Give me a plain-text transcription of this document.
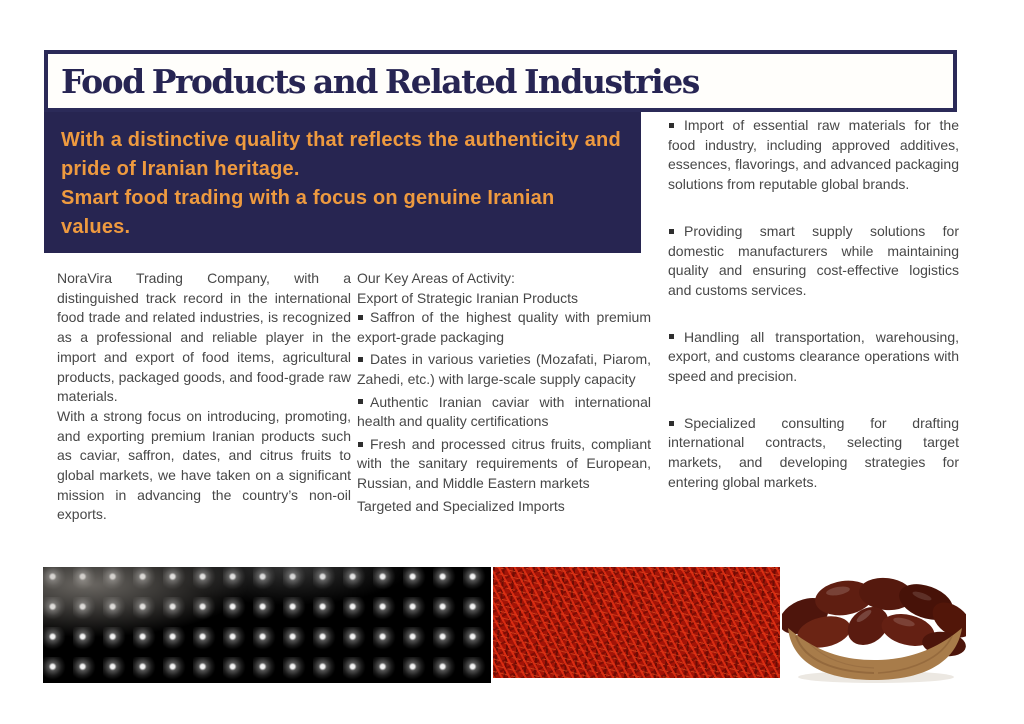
Food Products and Related Industries

With a distinctive quality that reflects the authenticity and pride of Iranian heritage.

Smart food trading with a focus on genuine Iranian values.

NoraVira Trading Company, with a distinguished track record in the international food trade and related industries, is recognized as a professional and reliable player in the import and export of food items, agricultural products, packaged goods, and food-grade raw materials.

With a strong focus on introducing, promoting, and exporting premium Iranian products such as caviar, saffron, dates, and citrus fruits to global markets, we have taken on a significant mission in advancing the country’s non-oil exports.

Our Key Areas of Activity:

Export of Strategic Iranian Products

Saffron of the highest quality with premium export-grade packaging

Dates in various varieties (Mozafati, Piarom, Zahedi, etc.) with large-scale supply capacity

Authentic Iranian caviar with international health and quality certifications

Fresh and processed citrus fruits, compliant with the sanitary requirements of European, Russian, and Middle Eastern markets

Targeted and Specialized Imports

Import of essential raw materials for the food industry, including approved additives, essences, flavorings, and advanced packaging solutions from reputable global brands.

Providing smart supply solutions for domestic manufacturers while maintaining quality and ensuring cost-effective logistics and customs services.

Handling all transportation, warehousing, export, and customs clearance operations with speed and precision.

Specialized consulting for drafting international contracts, selecting target markets, and developing strategies for entering global markets.
